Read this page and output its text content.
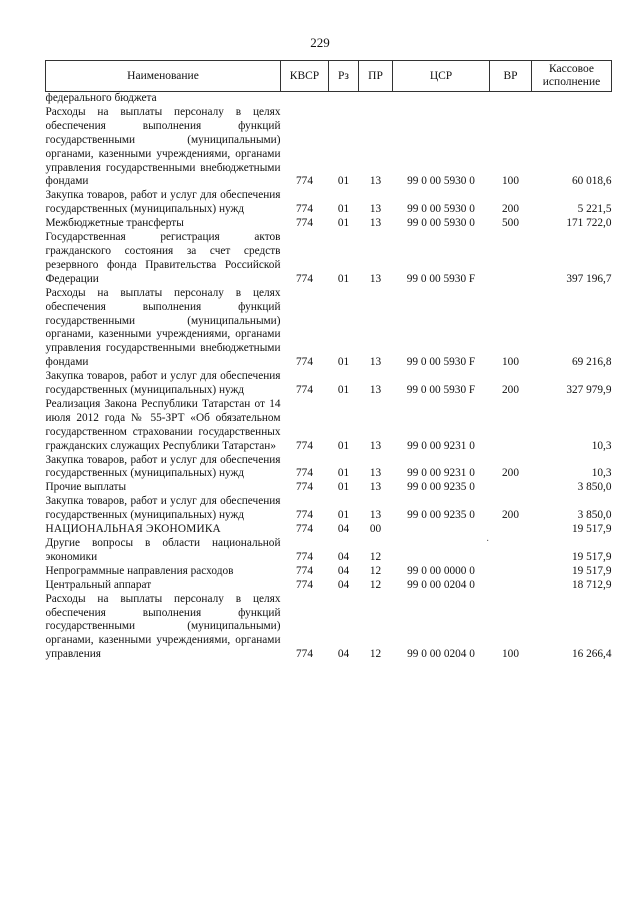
229
Наименование	КВСР	Рз	ПР	ЦСР	ВР	Кассовое исполнение
федерального бюджета						
Расходы на выплаты персоналу в целях обеспечения выполнения функций государственными (муниципальными) органами, казенными учреждениями, органами управления государственными внебюджетными фондами	774	01	13	99 0 00 5930 0	100	60 018,6
Закупка товаров, работ и услуг для обеспечения государственных (муниципальных) нужд	774	01	13	99 0 00 5930 0	200	5 221,5
Межбюджетные трансферты	774	01	13	99 0 00 5930 0	500	171 722,0
Государственная регистрация актов гражданского состояния за счет средств резервного фонда Правительства Российской Федерации	774	01	13	99 0 00 5930 F		397 196,7
Расходы на выплаты персоналу в целях обеспечения выполнения функций государственными (муниципальными) органами, казенными учреждениями, органами управления государственными внебюджетными фондами	774	01	13	99 0 00 5930 F	100	69 216,8
Закупка товаров, работ и услуг для обеспечения государственных (муниципальных) нужд	774	01	13	99 0 00 5930 F	200	327 979,9
Реализация Закона Республики Татарстан от 14 июля 2012 года № 55-ЗРТ «Об обязательном государственном страховании государственных гражданских служащих Республики Татарстан»	774	01	13	99 0 00 9231 0		10,3
Закупка товаров, работ и услуг для обеспечения государственных (муниципальных) нужд	774	01	13	99 0 00 9231 0	200	10,3
Прочие выплаты	774	01	13	99 0 00 9235 0		3 850,0
Закупка товаров, работ и услуг для обеспечения государственных (муниципальных) нужд	774	01	13	99 0 00 9235 0	200	3 850,0
НАЦИОНАЛЬНАЯ ЭКОНОМИКА	774	04	00			19 517,9
Другие вопросы в области национальной экономики	774	04	12			19 517,9
Непрограммные направления расходов	774	04	12	99 0 00 0000 0		19 517,9
Центральный аппарат	774	04	12	99 0 00 0204 0		18 712,9
Расходы на выплаты персоналу в целях обеспечения выполнения функций государственными (муниципальными) органами, казенными учреждениями, органами управления	774	04	12	99 0 00 0204 0	100	16 266,4
·
